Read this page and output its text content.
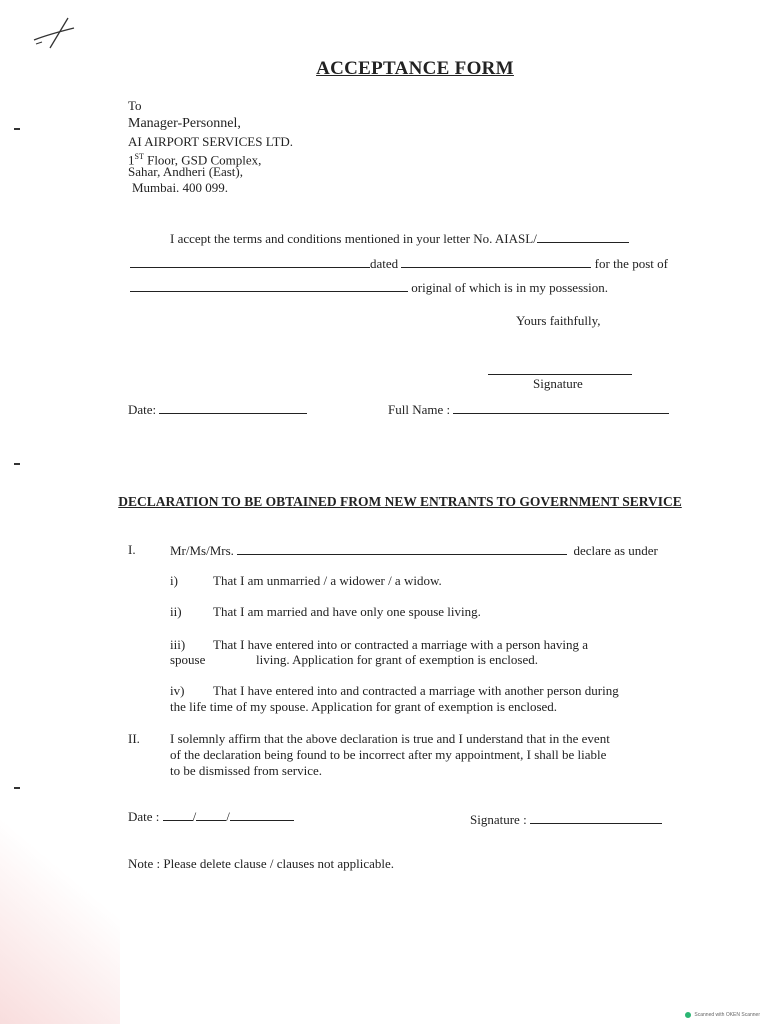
ACCEPTANCE FORM
To
Manager-Personnel,
AI AIRPORT SERVICES LTD.
1ST Floor, GSD Complex,
Sahar, Andheri (East),
Mumbai. 400 099.
I accept the terms and conditions mentioned in your letter No. AIASL/
dated	for the post of
original of which is in my possession.
Yours faithfully,
Signature
Date:	Full Name :
DECLARATION TO BE OBTAINED FROM NEW ENTRANTS TO GOVERNMENT SERVICE
I.	Mr/Ms/Mrs.	declare as under
i)	That I am unmarried / a widower / a widow.
ii) That I am married and have only one spouse living.
iii) That I have entered into or contracted a marriage with a person having a
spouse	living. Application for grant of exemption is enclosed.
iv) That I have entered into and contracted a marriage with another person during
the life time of my spouse. Application for grant of exemption is enclosed.
II. I solemnly affirm that the above declaration is true and I understand that in the event
of the declaration being found to be incorrect after my appointment, I shall be liable
to be dismissed from service.
Date :	/ /	Signature :
Note : Please delete clause / clauses not applicable.
Scanned with OKEN Scanner
